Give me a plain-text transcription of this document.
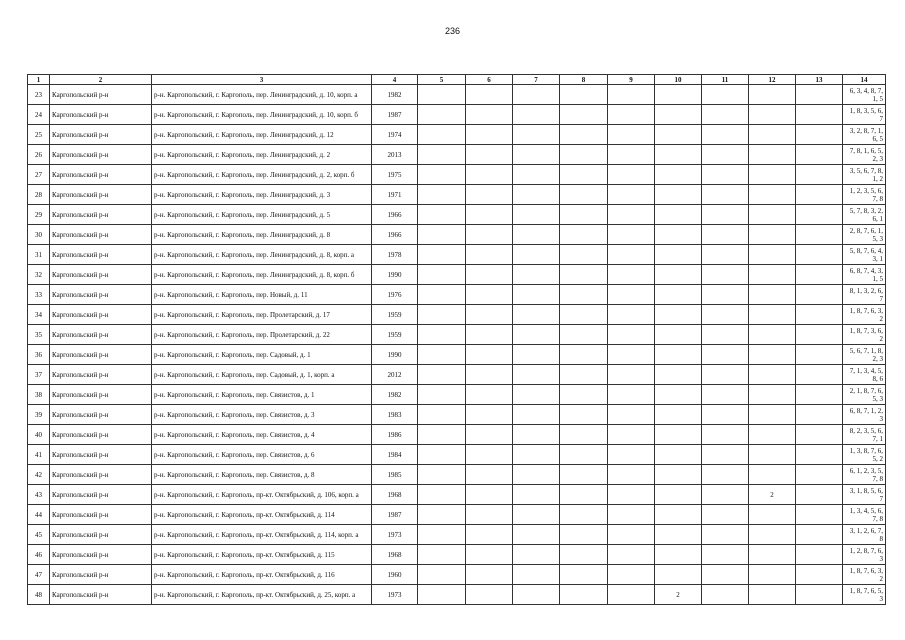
236
1	2	3	4	5	6	7	8	9	10	11	12	13	14
23	Каргопольский р-н	р-н. Каргопольский, г. Каргополь, пер. Ленинградский, д. 10, корп. а	1982										6, 3, 4, 8, 7, 1, 5
24	Каргопольский р-н	р-н. Каргопольский, г. Каргополь, пер. Ленинградский, д. 10, корп. б	1987										1, 8, 3, 5, 6, 7
25	Каргопольский р-н	р-н. Каргопольский, г. Каргополь, пер. Ленинградский, д. 12	1974										3, 2, 8, 7, 1, 6, 5
26	Каргопольский р-н	р-н. Каргопольский, г. Каргополь, пер. Ленинградский, д. 2	2013										7, 8, 1, 6, 5, 2, 3
27	Каргопольский р-н	р-н. Каргопольский, г. Каргополь, пер. Ленинградский, д. 2, корп. б	1975										3, 5, 6, 7, 8, 1, 2
28	Каргопольский р-н	р-н. Каргопольский, г. Каргополь, пер. Ленинградский, д. 3	1971										1, 2, 3, 5, 6, 7, 8
29	Каргопольский р-н	р-н. Каргопольский, г. Каргополь, пер. Ленинградский, д. 5	1966										5, 7, 8, 3, 2, 6, 1
30	Каргопольский р-н	р-н. Каргопольский, г. Каргополь, пер. Ленинградский, д. 8	1966										2, 8, 7, 6, 1, 5, 3
31	Каргопольский р-н	р-н. Каргопольский, г. Каргополь, пер. Ленинградский, д. 8, корп. а	1978										5, 8, 7, 6, 4, 3, 1
32	Каргопольский р-н	р-н. Каргопольский, г. Каргополь, пер. Ленинградский, д. 8, корп. б	1990										6, 8, 7, 4, 3, 1, 5
33	Каргопольский р-н	р-н. Каргопольский, г. Каргополь, пер. Новый, д. 11	1976										8, 1, 3, 2, 6, 7
34	Каргопольский р-н	р-н. Каргопольский, г. Каргополь, пер. Пролетарский, д. 17	1959										1, 8, 7, 6, 3, 2
35	Каргопольский р-н	р-н. Каргопольский, г. Каргополь, пер. Пролетарский, д. 22	1959										1, 8, 7, 3, 6, 2
36	Каргопольский р-н	р-н. Каргопольский, г. Каргополь, пер. Садовый, д. 1	1990										5, 6, 7, 1, 8, 2, 3
37	Каргопольский р-н	р-н. Каргопольский, г. Каргополь, пер. Садовый, д. 1, корп. а	2012										7, 1, 3, 4, 5, 8, 6
38	Каргопольский р-н	р-н. Каргопольский, г. Каргополь, пер. Связистов, д. 1	1982										2, 1, 8, 7, 6, 5, 3
39	Каргопольский р-н	р-н. Каргопольский, г. Каргополь, пер. Связистов, д. 3	1983										6, 8, 7, 1, 2, 3
40	Каргопольский р-н	р-н. Каргопольский, г. Каргополь, пер. Связистов, д. 4	1986										8, 2, 3, 5, 6, 7, 1
41	Каргопольский р-н	р-н. Каргопольский, г. Каргополь, пер. Связистов, д. 6	1984										1, 3, 8, 7, 6, 5, 2
42	Каргопольский р-н	р-н. Каргопольский, г. Каргополь, пер. Связистов, д. 8	1985										6, 1, 2, 3, 5, 7, 8
43	Каргопольский р-н	р-н. Каргопольский, г. Каргополь, пр-кт. Октябрьский, д. 106, корп. а	1968								2		3, 1, 8, 5, 6, 7
44	Каргопольский р-н	р-н. Каргопольский, г. Каргополь, пр-кт. Октябрьский, д. 114	1987										1, 3, 4, 5, 6, 7, 8
45	Каргопольский р-н	р-н. Каргопольский, г. Каргополь, пр-кт. Октябрьский, д. 114, корп. а	1973										3, 1, 2, 6, 7, 8
46	Каргопольский р-н	р-н. Каргопольский, г. Каргополь, пр-кт. Октябрьский, д. 115	1968										1, 2, 8, 7, 6, 3
47	Каргопольский р-н	р-н. Каргопольский, г. Каргополь, пр-кт. Октябрьский, д. 116	1960										1, 8, 7, 6, 3, 2
48	Каргопольский р-н	р-н. Каргопольский, г. Каргополь, пр-кт. Октябрьский, д. 25, корп. а	1973						2				1, 8, 7, 6, 5, 3
